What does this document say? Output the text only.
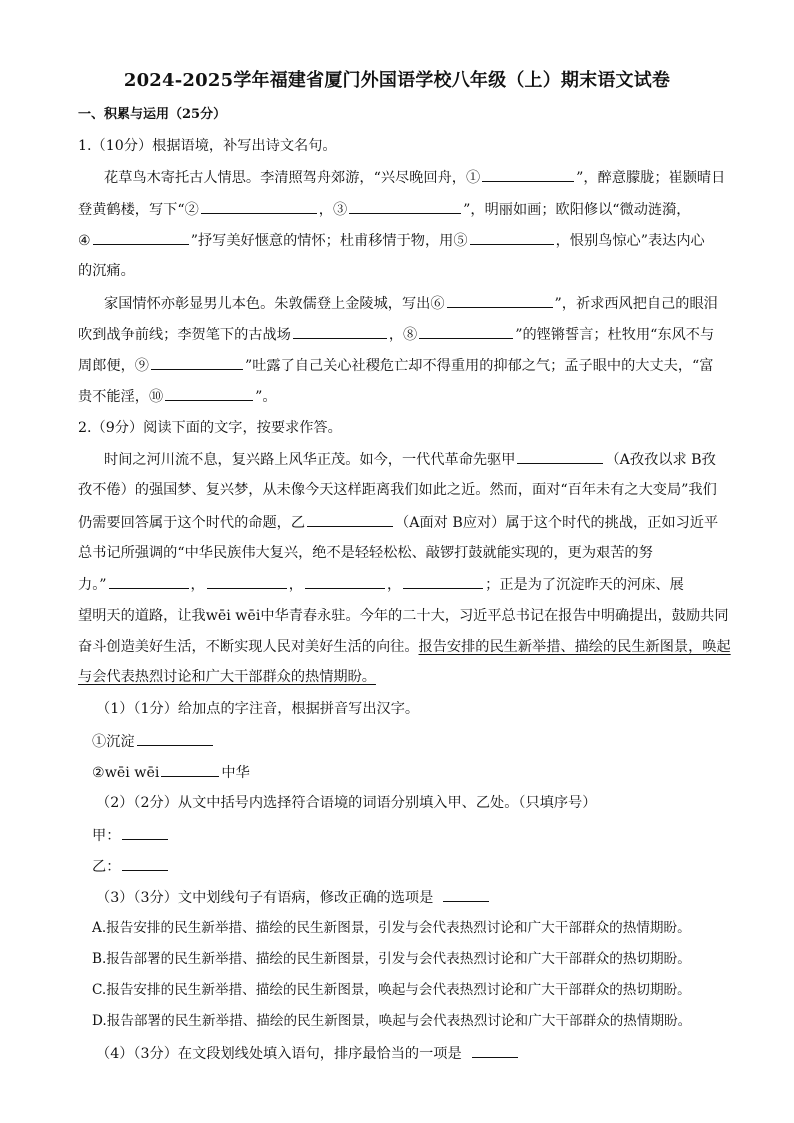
2024-2025学年福建省厦门外国语学校八年级（上）期末语文试卷
一、积累与运用（25分）
1.（10分）根据语境，补写出诗文名句。
花草鸟木寄托古人情思。李清照驾舟郊游，“兴尽晚回舟，①	”，醉意朦胧；崔颢晴日
登黄鹤楼，写下“②	，③	”，明丽如画；欧阳修以“微动涟漪，
④	”抒写美好惬意的情怀；杜甫移情于物，用⑤	，恨别鸟惊心”表达内心
的沉痛。
家国情怀亦彰显男儿本色。朱敦儒登上金陵城，写出⑥	”，祈求西风把自己的眼泪
吹到战争前线；李贺笔下的古战场	，⑧	”的铿锵誓言；杜牧用“东风不与
周郎便，⑨	”吐露了自己关心社稷危亡却不得重用的抑郁之气；孟子眼中的大丈夫，“富
贵不能淫，⑩	”。
2.（9分）阅读下面的文字，按要求作答。
时间之河川流不息，复兴路上风华正茂。如今，一代代革命先驱甲	（A孜孜以求 B孜
孜不倦）的强国梦、复兴梦，从未像今天这样距离我们如此之近。然而，面对“百年未有之大变局”我们
仍需要回答属于这个时代的命题，乙	（A面对 B应对）属于这个时代的挑战，正如习近平
总书记所强调的“中华民族伟大复兴，绝不是轻轻松松、敲锣打鼓就能实现的，更为艰苦的努
力。”	，	，	，	；正是为了沉淀昨天的河床、展
望明天的道路，让我wēi wēi中华青春永驻。今年的二十大，习近平总书记在报告中明确提出，鼓励共同
奋斗创造美好生活，不断实现人民对美好生活的向往。报告安排的民生新举措、描绘的民生新图景，唤起
与会代表热烈讨论和广大干部群众的热情期盼。
（1）（1分）给加点的字注音，根据拼音写出汉字。
①沉淀
②wēi wēi	中华
（2）（2分）从文中括号内选择符合语境的词语分别填入甲、乙处。（只填序号）
甲：
乙：
（3）（3分）文中划线句子有语病，修改正确的选项是
A.报告安排的民生新举措、描绘的民生新图景，引发与会代表热烈讨论和广大干部群众的热情期盼。
B.报告部署的民生新举措、描绘的民生新图景，引发与会代表热烈讨论和广大干部群众的热切期盼。
C.报告安排的民生新举措、描绘的民生新图景，唤起与会代表热烈讨论和广大干部群众的热切期盼。
D.报告部署的民生新举措、描绘的民生新图景，唤起与会代表热烈讨论和广大干部群众的热情期盼。
（4）（3分）在文段划线处填入语句，排序最恰当的一项是
